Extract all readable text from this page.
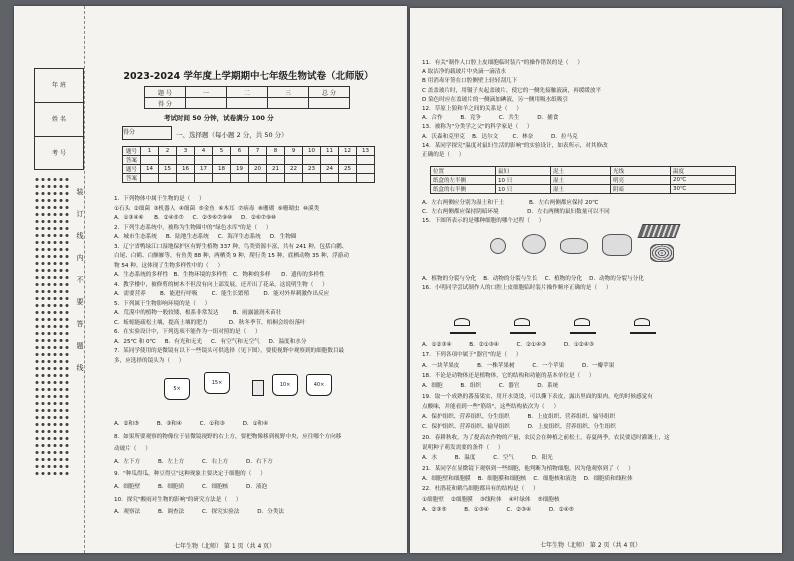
年 班
姓 名
考 号
装
订
线
内
不
要
答
题
线
2023-2024 学年度上学期期中七年级生物试卷（北师版）
题 号	一	二	三	总 分
得 分				
考试时间 50 分钟，试卷满分 100 分
得分	一、选择题（每小题 2 分，共 50 分）
题号	1	2	3	4	5	6	7	8	9	10	11	12	13
答案													
题号	14	15	16	17	18	19	20	21	22	23	24	25	
答案													
1．下列物体中属于生物的是（     ）
①石头  ②细菌  ③机器人  ④细菌  ⑤金鱼  ⑥木耳  ⑦病毒  ⑧珊瑚  ⑨珊瑚虫  ⑩溪类
A．①③④⑥      B．②④⑤⑦     C．②⑤⑥⑦⑨⑩     D．②⑥⑦⑨⑩
2．下列生态系统中，被称为生物圈中的"绿色水库"的是（     ）
A．城市生态系统     B．陆地生态系统     C．海洋生态系统     D．生物圈
3．辽宁省鸭绿江口湿地保护区有野生植物 337 种，鸟类资源丰富，共有 241 种，包括白鹳、
白尾、白鹤、白额雁等，有鱼类 88 种，两栖类 9 种，爬行类 15 种，底栖动物 35 种，浮游动
物 54 种。这体现了生物多样性中的（     ）
A．生态系统的多样性   B．生物环境的多样性   C．物种的多样      D．遗传的多样性
4．教学楼中，被修剪的树木不但没有向上部发展，还开出了花朵，这说明生物（     ）
A．需要营养        B．能进行呼吸        C．能生长繁殖        D．能对外界刺激作出反应
5．下列属于生物影响环境的是（     ）
A．荒漠中的植物一般较矮，根系非常发达        B．雨露滋润禾苗壮
C．蚯蚓能疏松土壤，提高土壤的肥力            D．秋冬季节，梧桐会纷纷落叶
6．在实验设计中，下列选项不能作为一组对照的是（     ）
A．25℃ 和 0℃     B．有光和无光     C．有空气和无空气     D．温度和水分
7．某同学使用的是微镜有以下一些镜头可供选择（见下图），要使视野中观察到的细胞数目最
多，应选择的镜头为（     ）
5×
15×	10×	40×
A．②和⑤          B．③和④          C．①和③          D．①和④
8．如果所要观察的物像位于显微镜视野的右上方，要把物像移到视野中央，应往哪个方向移
动玻片（     ）
A．左下方          B．左上方          C．右上方          D．右下方
9．"种瓜得瓜，种豆得豆"这种现象主要决定于细胞的（     ）
A．细胞壁          B．细胞质          C．细胞核          D．液泡
10．探究"酸雨对生物的影响"的研究方法是（     ）
A．观察法          B．调查法          C．探究实验法          D．分类法
七年生物（北师） 第 1 页（共 4 页）
11．有关"制作人口腔上皮细胞临时装片"的操作错误的是（     ）
A 取洁净的载玻片中央滴一滴清水
B 用消毒牙签在口腔侧壁上轻轻刮几下
C 盖盖玻片时，用镊子夹起盖玻片，使它的一侧先接触液滴，再缓缓放平
D 染色时应在盖玻片的一侧滴加碘液，另一侧用吸水纸吸引
12．草原上狼和羊之间的关系是（     ）
A．合作          B．竞争          C．共生          D．捕食
13．被称为"分类学之父"的科学家是（     ）
A．沃森和克里克    B．达尔文        C．林奈          D．拉马克
14．某同学探究"温度对鼠妇生活的影响"的实验设计，如表所示，对其修改
正确的是（     ）
位置	鼠妇	泥土	光线	温度
纸盒的左半侧	10 只	湿土	明亮	20℃
纸盒的右半侧	10 只	湿土	阴暗	30℃
A．左右两侧应分别为湿土和干土              B．左右两侧都应保持 20℃
C．左右两侧都应保持阴暗环境                D．左右两侧的鼠妇数量可以不同
15．下图所表示的是哪种细胞的哪个过程（     ）
A．植物的分裂与分化    B．动物的分裂与生长    C．植物的分化    D．动物的分裂与分化
16．小明同学尝试制作人的口腔上皮细胞临时装片操作顺序正确的是（     ）
A．①②③④          B．②①③④          C．②①④③          D．①②④③
17．下列各项中属于"器官"的是（     ）
A．一块苹果皮          B．一株苹果树          C．一个苹果          D．一瓣苹果
18．不论是动物体还是植物体，它的结构和功能的基本单位是（     ）
A．细胞          B．组织          C．器官          D．系统
19．取一个成熟的番茄果实，用开水烫烫，可以撕下表皮，露出里面的果肉，吃的时候感觉有
点酸味，并能看到一些"筋络"，这些结构依次为（     ）
A．保护组织、营养组织、分生组织          B．上皮组织、营养组织、输导组织
C．保护组织、营养组织、输导组织          D．上皮组织、营养组织、分生组织
20．春耕秋收，为了提高农作物的产量，农民会在种植之前松土，春夏两季，农民要适时灌溉土，这
说明种子萌发需要的条件（     ）
A．水          B．温度          C．空气          D．阳光
21．某同学在显微镜下观察到一些细胞，他判断为植物细胞，因为他观察到了（     ）
A．细胞壁和细胞膜    B．细胞膜和细胞核    C．细胞核和液泡    D．细胞质和线粒体
22．杜鹃花和鹤鸟细胞都具有的结构是（     ）
①细胞壁    ②细胞膜    ③线粒体    ④叶绿体    ⑤细胞核
A．②③⑤          B．①③④          C．②③④          D．②④⑤
七年生物（北师） 第 2 页（共 4 页）
